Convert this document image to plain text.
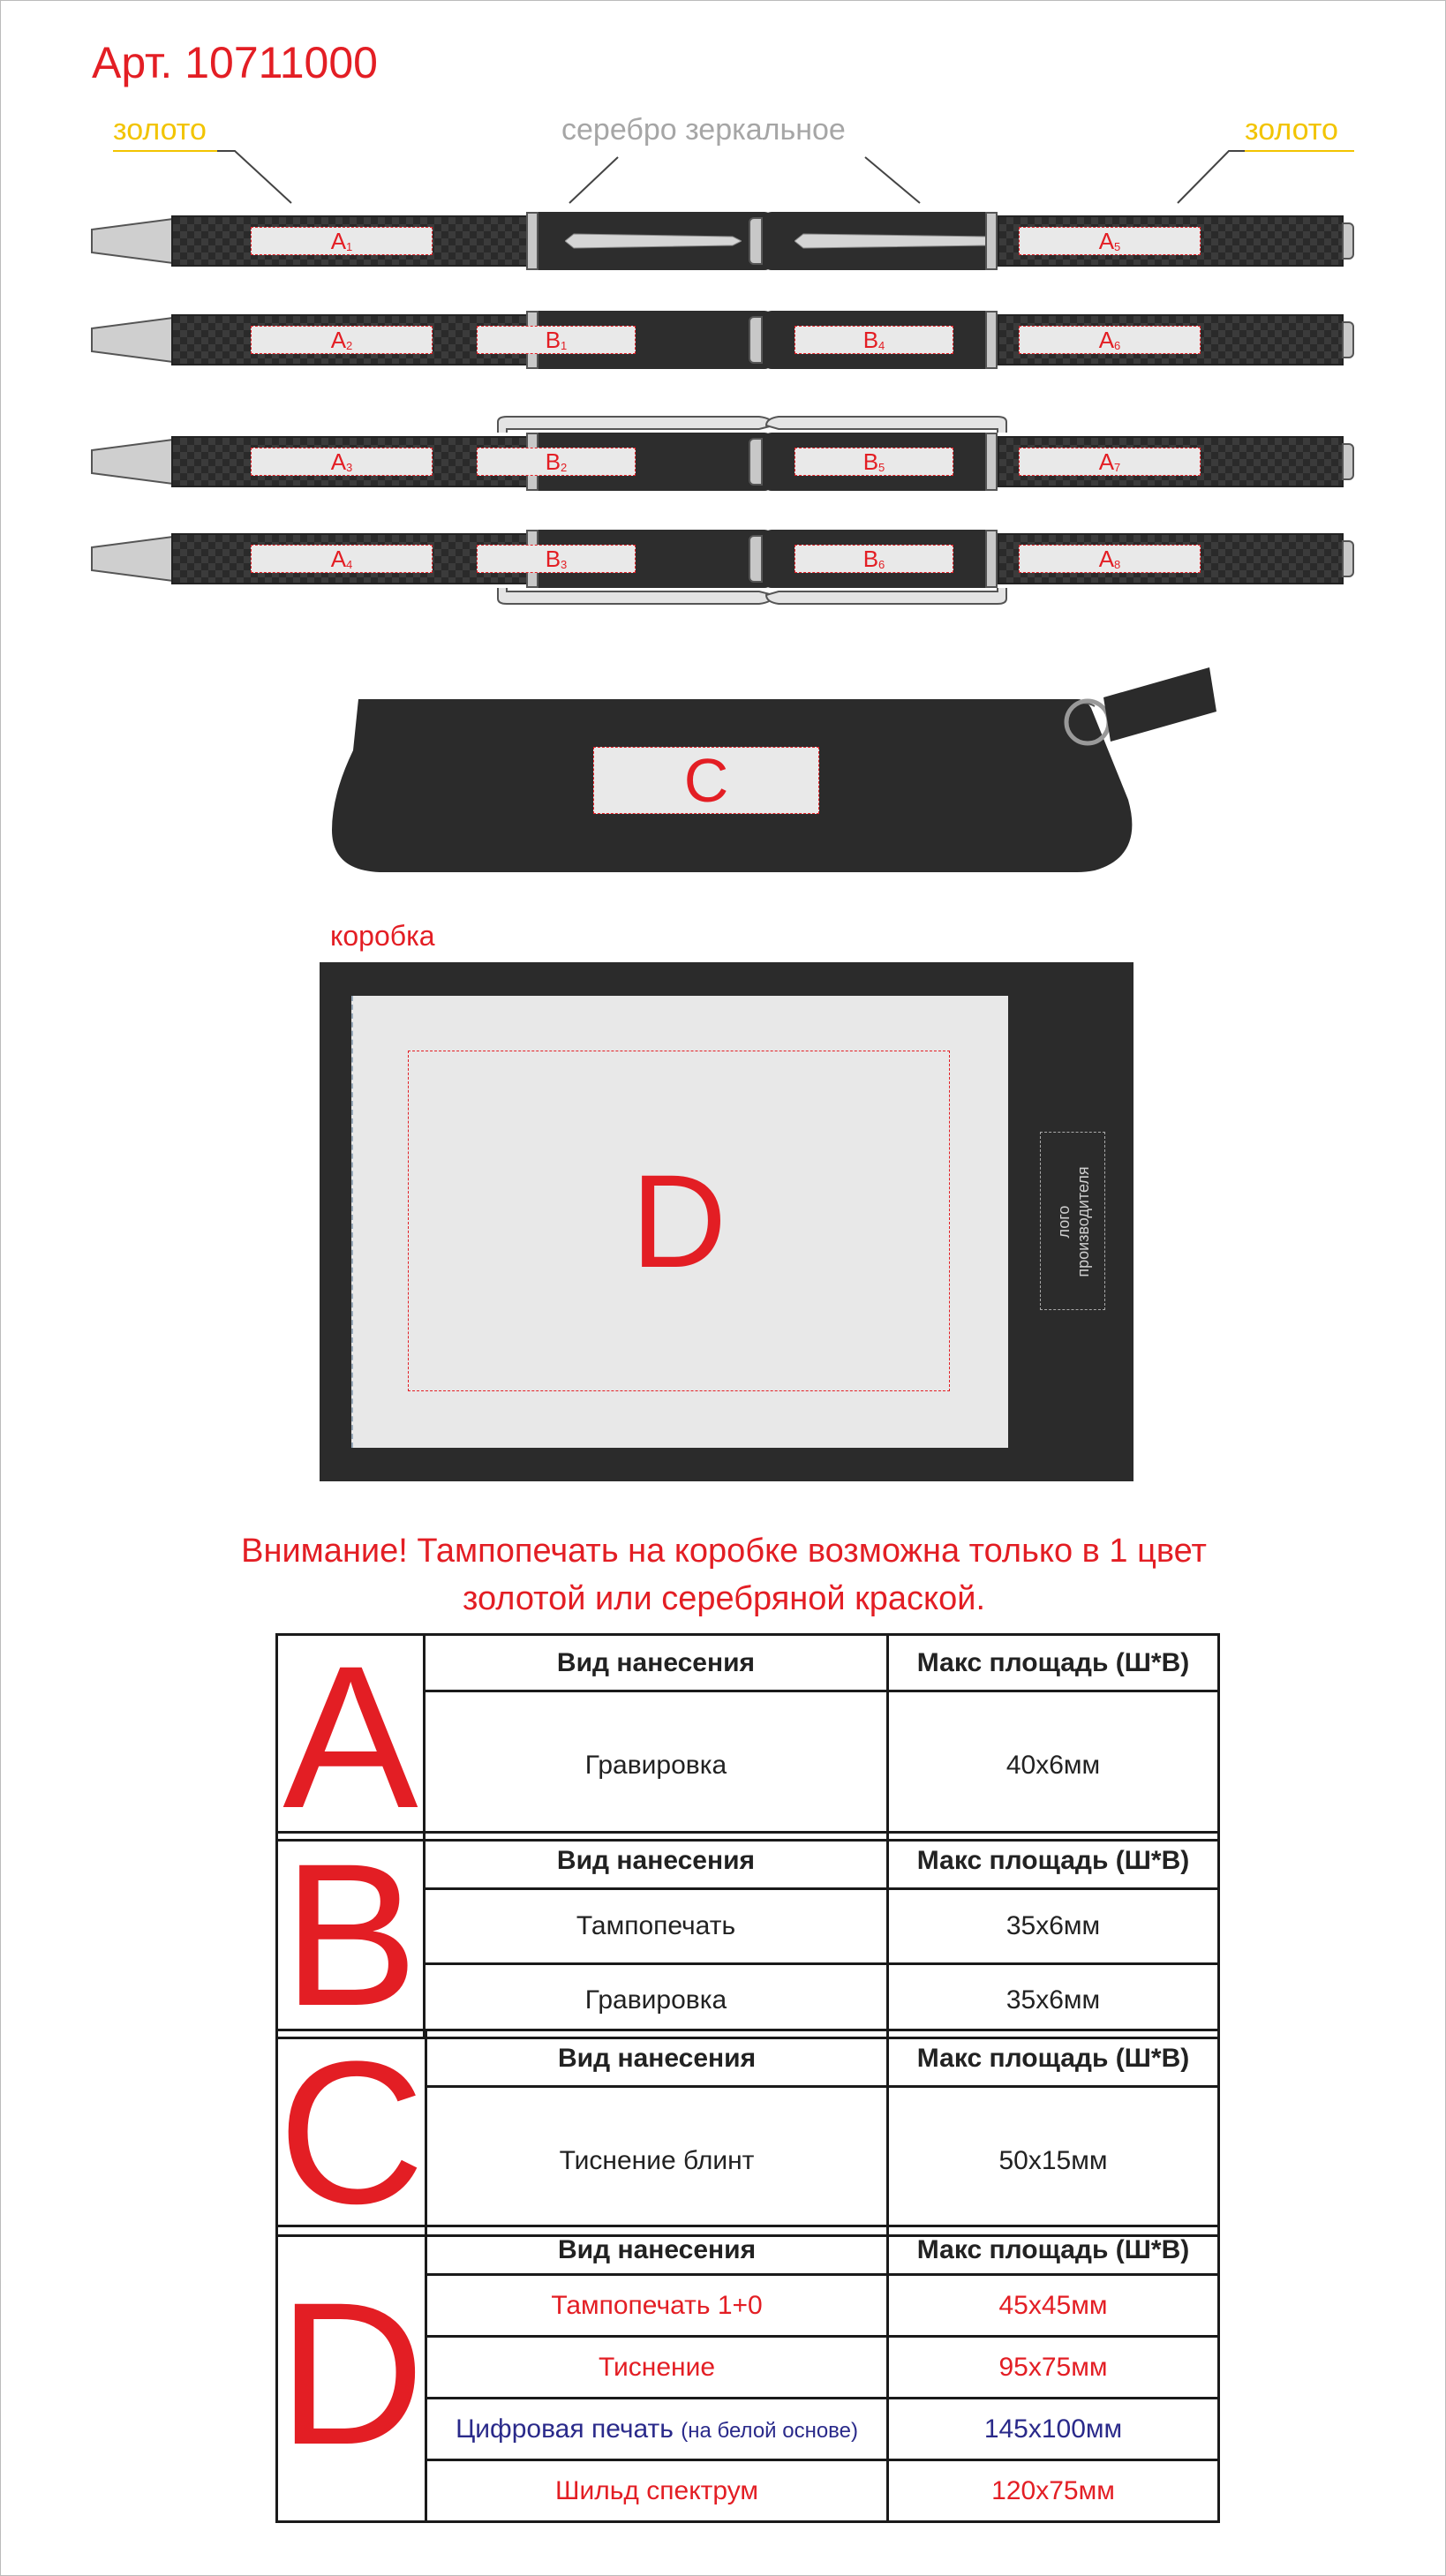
Арт. 10711000
золото	серебро зеркальное	золото
$A_1$
$A_2$	$B_1$
$A_3$	$B_2$
$A_4$	$B_3$
$A_5$
$B_4$	$A_6$
$B_5$	$A_7$
$B_6$	$A_8$
C
коробка
D	лого производителя
Внимание! Тампопечать на коробке возможна только в 1 цвет
золотой или серебряной краской.
A	Вид нанесения	Макс площадь (Ш*В)
	Гравировка	40x6мм
B	Вид нанесения	Макс площадь (Ш*В)
	Тампопечать	35x6мм
	Гравировка	35x6мм
C	Вид нанесения	Макс площадь (Ш*В)
	Тиснение блинт	50x15мм
D	Вид нанесения	Макс площадь (Ш*В)
	Тампопечать 1+0	45x45мм
	Тиснение	95x75мм
	Цифровая печать (на белой основе)	145x100мм
	Шильд спектрум	120x75мм
